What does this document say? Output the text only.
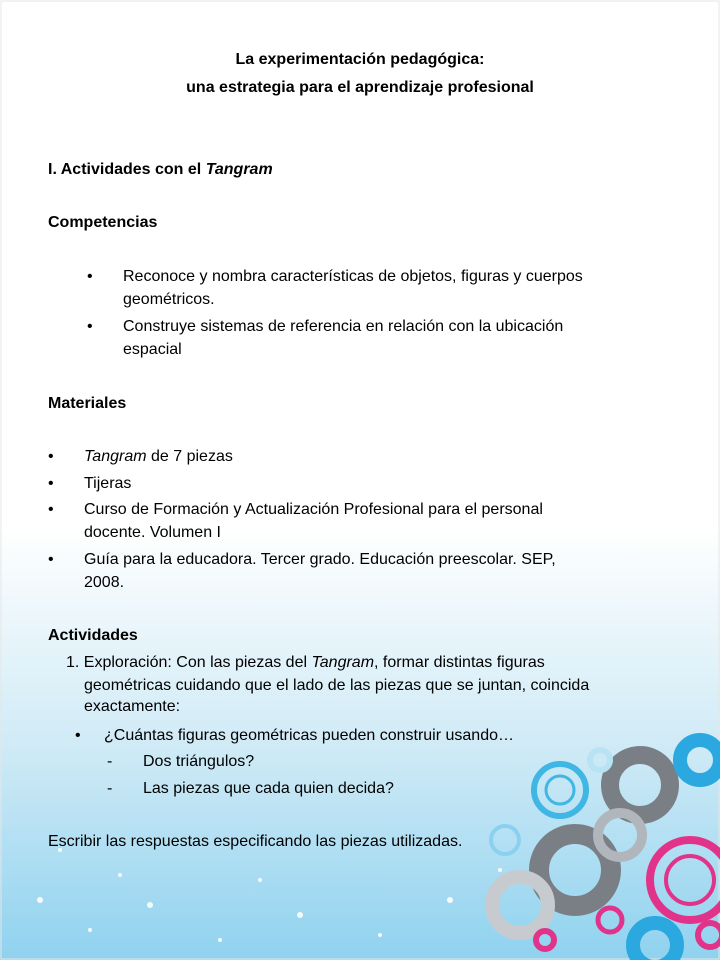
La experimentación pedagógica:
una estrategia para el aprendizaje profesional
I. Actividades con el Tangram
Competencias
• Reconoce y nombra características de objetos, figuras y cuerpos
geométricos.
• Construye sistemas de referencia en relación con la ubicación
espacial
Materiales
• Tangram de 7 piezas
• Tijeras
• Curso de Formación y Actualización Profesional para el personal
docente. Volumen I
• Guía para la educadora. Tercer grado. Educación preescolar. SEP,
2008.
Actividades
1. Exploración: Con las piezas del Tangram, formar distintas figuras
geométricas cuidando que el lado de las piezas que se juntan, coincida
exactamente:
• ¿Cuántas figuras geométricas pueden construir usando…
- Dos triángulos?
- Las piezas que cada quien decida?
Escribir las respuestas especificando las piezas utilizadas.
